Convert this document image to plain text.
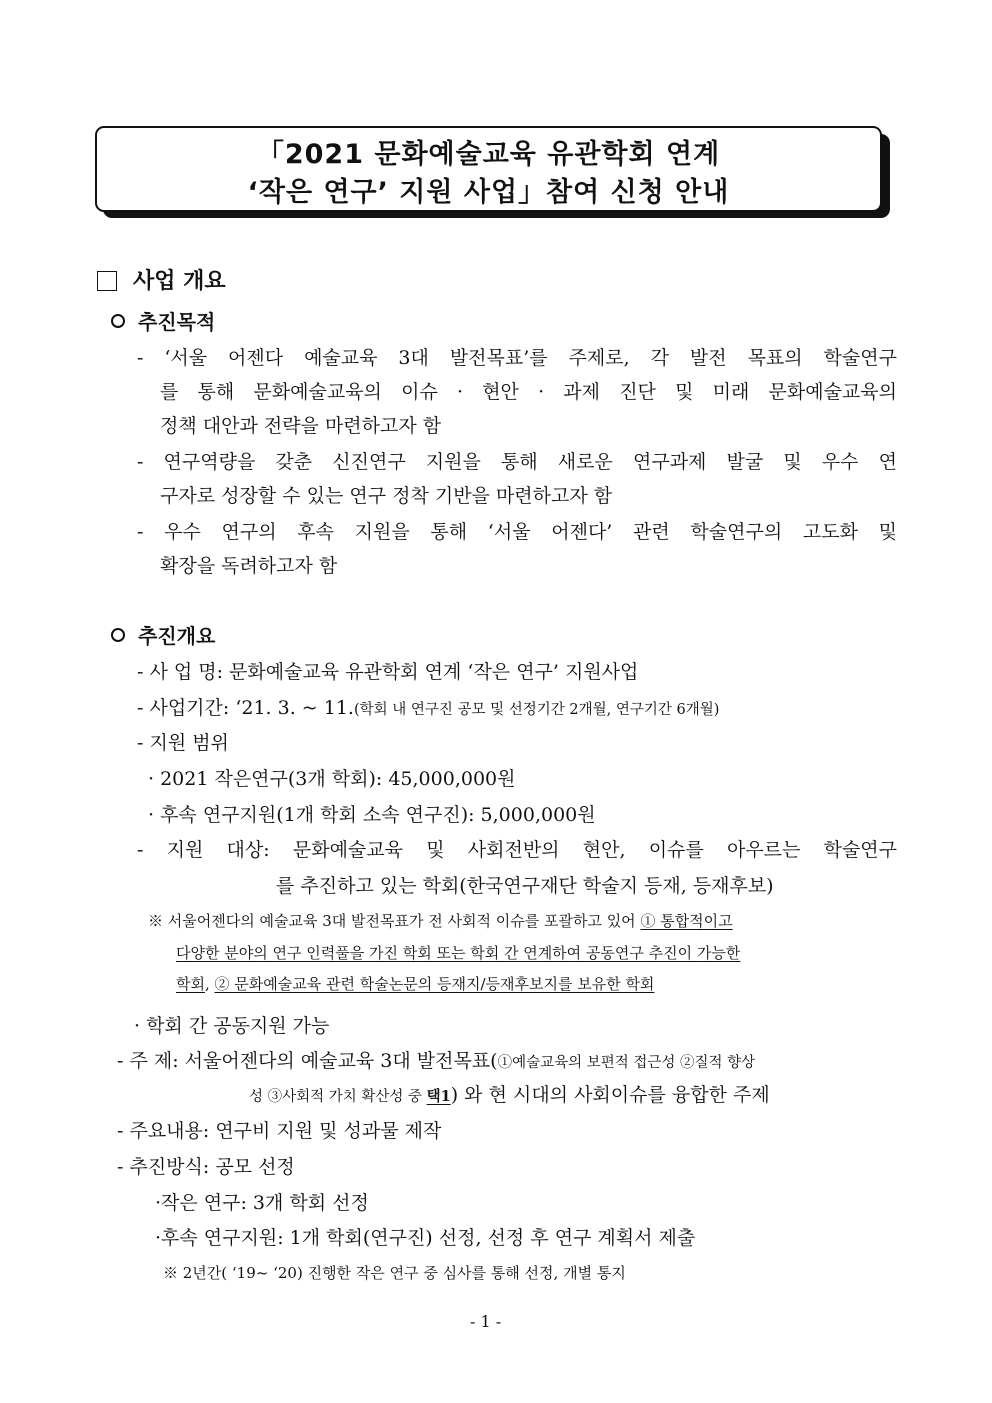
「2021 문화예술교육 유관학회 연계
‘작은 연구’ 지원 사업」참여 신청 안내
사업 개요
추진목적
- ‘서울 어젠다 예술교육 3대 발전목표’를 주제로, 각 발전 목표의 학술연구
를 통해 문화예술교육의 이슈 · 현안 · 과제 진단 및 미래 문화예술교육의
정책 대안과 전략을 마련하고자 함
- 연구역량을 갖춘 신진연구 지원을 통해 새로운 연구과제 발굴 및 우수 연
구자로 성장할 수 있는 연구 정착 기반을 마련하고자 함
- 우수 연구의 후속 지원을 통해 ‘서울 어젠다’ 관련 학술연구의 고도화 및
확장을 독려하고자 함
추진개요
- 사 업 명: 문화예술교육 유관학회 연계 ‘작은 연구’ 지원사업
- 사업기간: ‘21. 3. ~ 11.(학회 내 연구진 공모 및 선정기간 2개월, 연구기간 6개월)
- 지원 범위
· 2021 작은연구(3개 학회): 45,000,000원
· 후속 연구지원(1개 학회 소속 연구진): 5,000,000원
- 지원 대상: 문화예술교육 및 사회전반의 현안, 이슈를 아우르는 학술연구
를 추진하고 있는 학회(한국연구재단 학술지 등재, 등재후보)
※ 서울어젠다의 예술교육 3대 발전목표가 전 사회적 이슈를 포괄하고 있어 ① 통합적이고
다양한 분야의 연구 인력풀을 가진 학회 또는 학회 간 연계하여 공동연구 추진이 가능한
학회, ② 문화예술교육 관련 학술논문의 등재지/등재후보지를 보유한 학회
· 학회 간 공동지원 가능
- 주 제: 서울어젠다의 예술교육 3대 발전목표(①예술교육의 보편적 접근성 ②질적 향상
성 ③사회적 가치 확산성 중 택1) 와 현 시대의 사회이슈를 융합한 주제
- 주요내용: 연구비 지원 및 성과물 제작
- 추진방식: 공모 선정
·작은 연구: 3개 학회 선정
·후속 연구지원: 1개 학회(연구진) 선정, 선정 후 연구 계획서 제출
※ 2년간( ‘19~ ‘20) 진행한 작은 연구 중 심사를 통해 선정, 개별 통지
- 1 -
